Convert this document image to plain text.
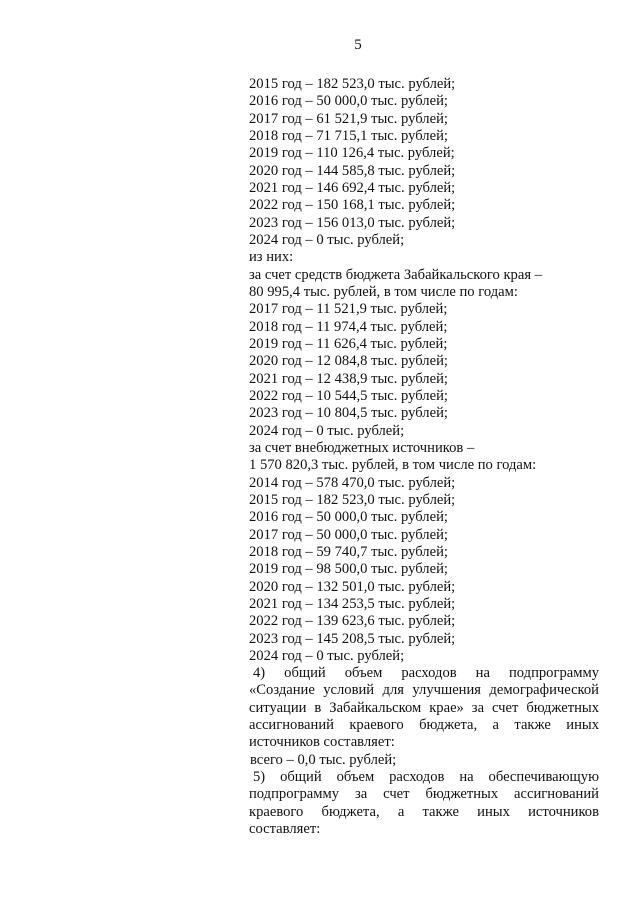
5
2015 год – 182 523,0 тыс. рублей;
2016 год – 50 000,0 тыс. рублей;
2017 год – 61 521,9 тыс. рублей;
2018 год – 71 715,1 тыс. рублей;
2019 год – 110 126,4 тыс. рублей;
2020 год – 144 585,8 тыс. рублей;
2021 год – 146 692,4 тыс. рублей;
2022 год – 150 168,1 тыс. рублей;
2023 год – 156 013,0 тыс. рублей;
2024 год – 0 тыс. рублей;
из них:
за счет средств бюджета Забайкальского края –
80 995,4 тыс. рублей, в том числе по годам:
2017 год – 11 521,9 тыс. рублей;
2018 год – 11 974,4 тыс. рублей;
2019 год – 11 626,4 тыс. рублей;
2020 год – 12 084,8 тыс. рублей;
2021 год – 12 438,9 тыс. рублей;
2022 год – 10 544,5 тыс. рублей;
2023 год – 10 804,5 тыс. рублей;
2024 год – 0 тыс. рублей;
за счет внебюджетных источников –
1 570 820,3 тыс. рублей, в том числе по годам:
2014 год – 578 470,0 тыс. рублей;
2015 год – 182 523,0 тыс. рублей;
2016 год – 50 000,0 тыс. рублей;
2017 год – 50 000,0 тыс. рублей;
2018 год – 59 740,7 тыс. рублей;
2019 год – 98 500,0 тыс. рублей;
2020 год – 132 501,0 тыс. рублей;
2021 год – 134 253,5 тыс. рублей;
2022 год – 139 623,6 тыс. рублей;
2023 год – 145 208,5 тыс. рублей;
2024 год – 0 тыс. рублей;
4) общий объем расходов на подпрограмму
«Создание условий для улучшения демографической
ситуации в Забайкальском крае» за счет бюджетных
ассигнований краевого бюджета, а также иных
источников составляет:
всего – 0,0 тыс. рублей;
5) общий объем расходов на обеспечивающую
подпрограмму за счет бюджетных ассигнований
краевого бюджета, а также иных источников
составляет:
